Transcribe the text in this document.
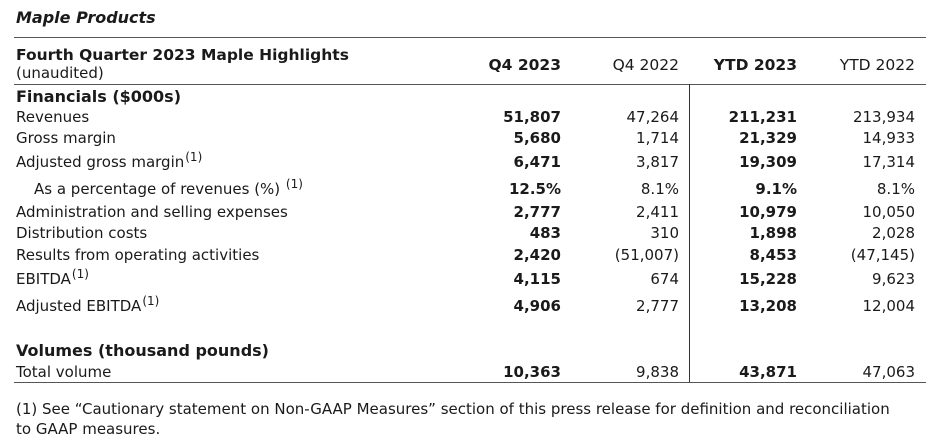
Maple Products
Fourth Quarter 2023 Maple Highlights
(unaudited)	Q4 2023	Q4 2022	YTD 2023	YTD 2022
Financials ($000s)
Revenues	51,807	47,264	211,231	213,934
Gross margin	5,680	1,714	21,329	14,933
Adjusted gross margin$^{(1)}$	6,471	3,817	19,309	17,314
As a percentage of revenues (%) $^{(1)}$	12.5%	8.1%	9.1%	8.1%
Administration and selling expenses	2,777	2,411	10,979	10,050
Distribution costs	483	310	1,898	2,028
Results from operating activities	2,420	(51,007)	8,453	(47,145)
EBITDA$^{(1)}$	4,115	674	15,228	9,623
Adjusted EBITDA$^{(1)}$	4,906	2,777	13,208	12,004
Volumes (thousand pounds)
Total volume	10,363	9,838	43,871	47,063
(1) See “Cautionary statement on Non-GAAP Measures” section of this press release for definition and reconciliation to GAAP measures.
